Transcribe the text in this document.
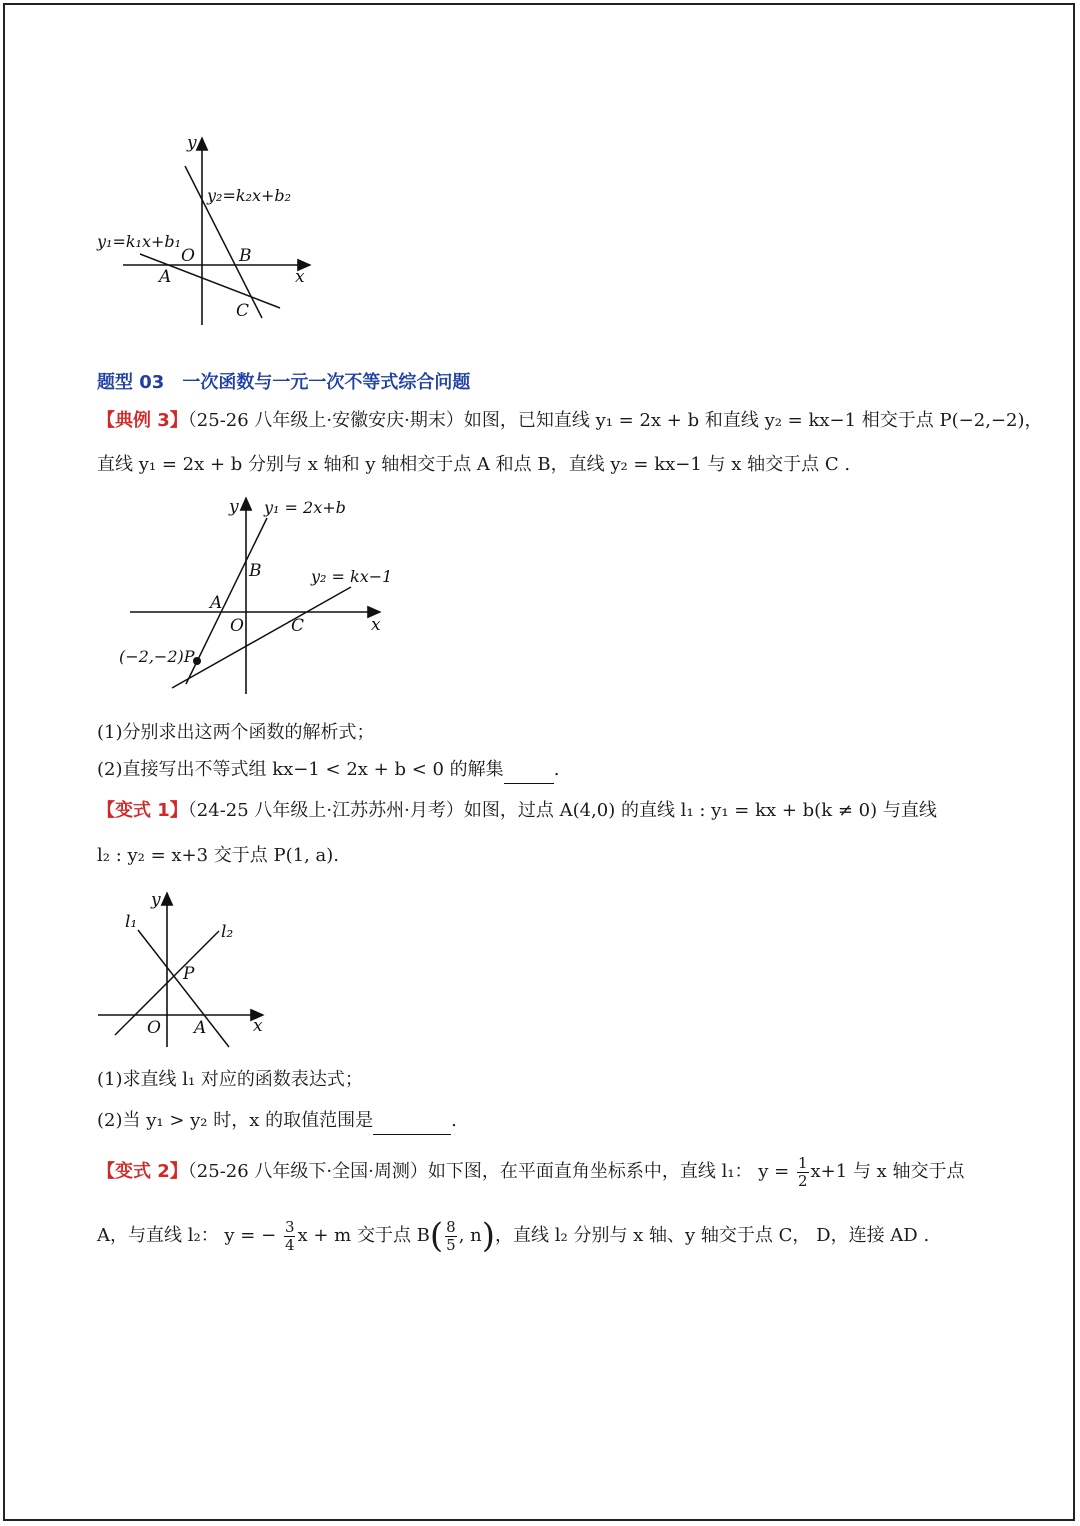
y
x
O
y₂=k₂x+b₂
y₁=k₁x+b₁
A
B
C
题型 03 一次函数与一元一次不等式综合问题
【典例 3】（25-26 八年级上·安徽安庆·期末）如图，已知直线 y₁ = 2x + b 和直线 y₂ = kx−1 相交于点 P(−2,−2)，
直线 y₁ = 2x + b 分别与 x 轴和 y 轴相交于点 A 和点 B，直线 y₂ = kx−1 与 x 轴交于点 C .
y
x
O
y₁ = 2x+b
y₂ = kx−1
A
B
C
(−2,−2)P
(1)分别求出这两个函数的解析式；
(2)直接写出不等式组 kx−1 < 2x + b < 0 的解集	.
【变式 1】（24-25 八年级上·江苏苏州·月考）如图，过点 A(4,0) 的直线 l₁ : y₁ = kx + b(k ≠ 0) 与直线
l₂ : y₂ = x+3 交于点 P(1, a).
y
x
O
l₁	l₂
P
A
(1)求直线 l₁ 对应的函数表达式；
(2)当 y₁ > y₂ 时，x 的取值范围是	.
【变式 2】（25-26 八年级下·全国·周测）如下图，在平面直角坐标系中，直线 l₁： $y = \frac{1}{2} x+1$ 与 x 轴交于点
A，与直线 l₂： y = − $\frac{3}{4}$ x + m 交于点 $B( \frac{8}{5}$ , n)，直线 l₂ 分别与 x 轴、y 轴交于点 C， D，连接 AD .
